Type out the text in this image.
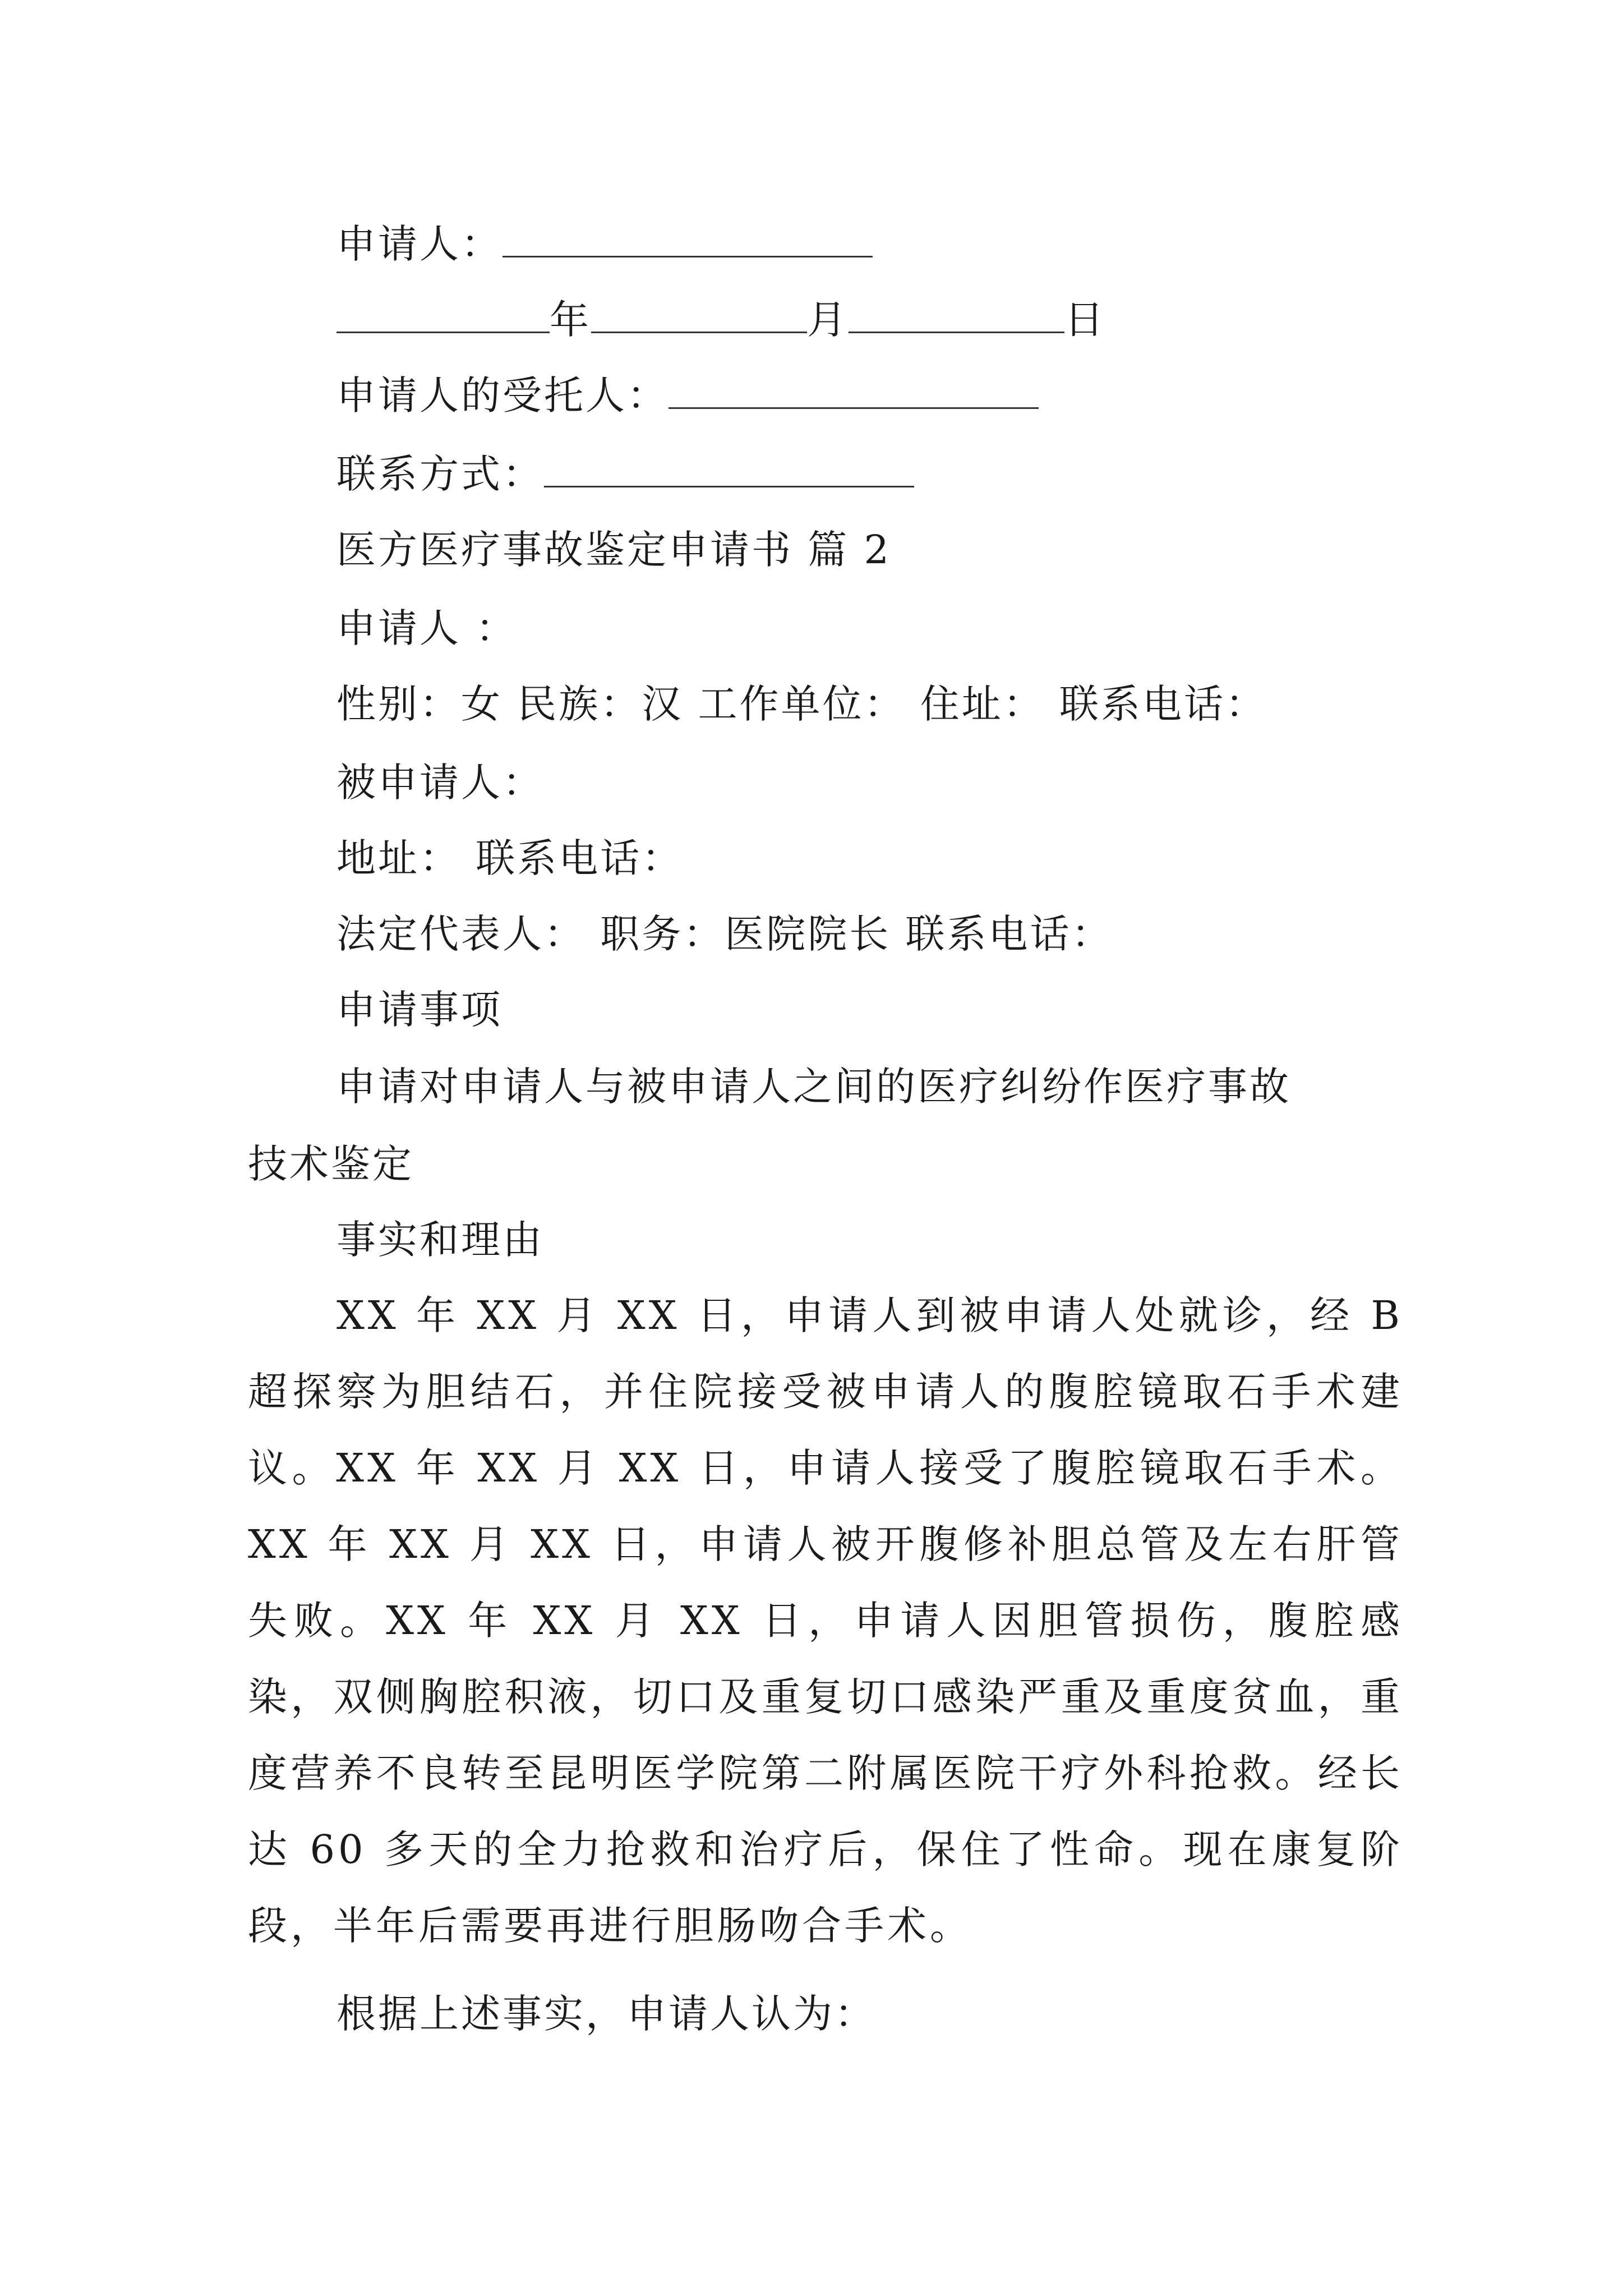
申请人：
年	月	日
申请人的受托人：
联系方式：
医方医疗事故鉴定申请书 篇 2
申请人 ：
性别：女 民族：汉 工作单位： 住址： 联系电话：
被申请人：
地址： 联系电话：
法定代表人： 职务：医院院长 联系电话：
申请事项
申请对申请人与被申请人之间的医疗纠纷作医疗事故
技术鉴定
事实和理由
XX 年 XX 月 XX 日，申请人到被申请人处就诊，经 B 超探察为胆结石，并住院接受被申请人的腹腔镜取石手术建议。XX 年 XX 月 XX 日，申请人接受了腹腔镜取石手术。XX 年 XX 月 XX 日，申请人被开腹修补胆总管及左右肝管失败。XX 年 XX 月 XX 日，申请人因胆管损伤，腹腔感染，双侧胸腔积液，切口及重复切口感染严重及重度贫血，重度营养不良转至昆明医学院第二附属医院干疗外科抢救。经长达 60 多天的全力抢救和治疗后，保住了性命。现在康复阶段，半年后需要再进行胆肠吻合手术。
根据上述事实，申请人认为：
